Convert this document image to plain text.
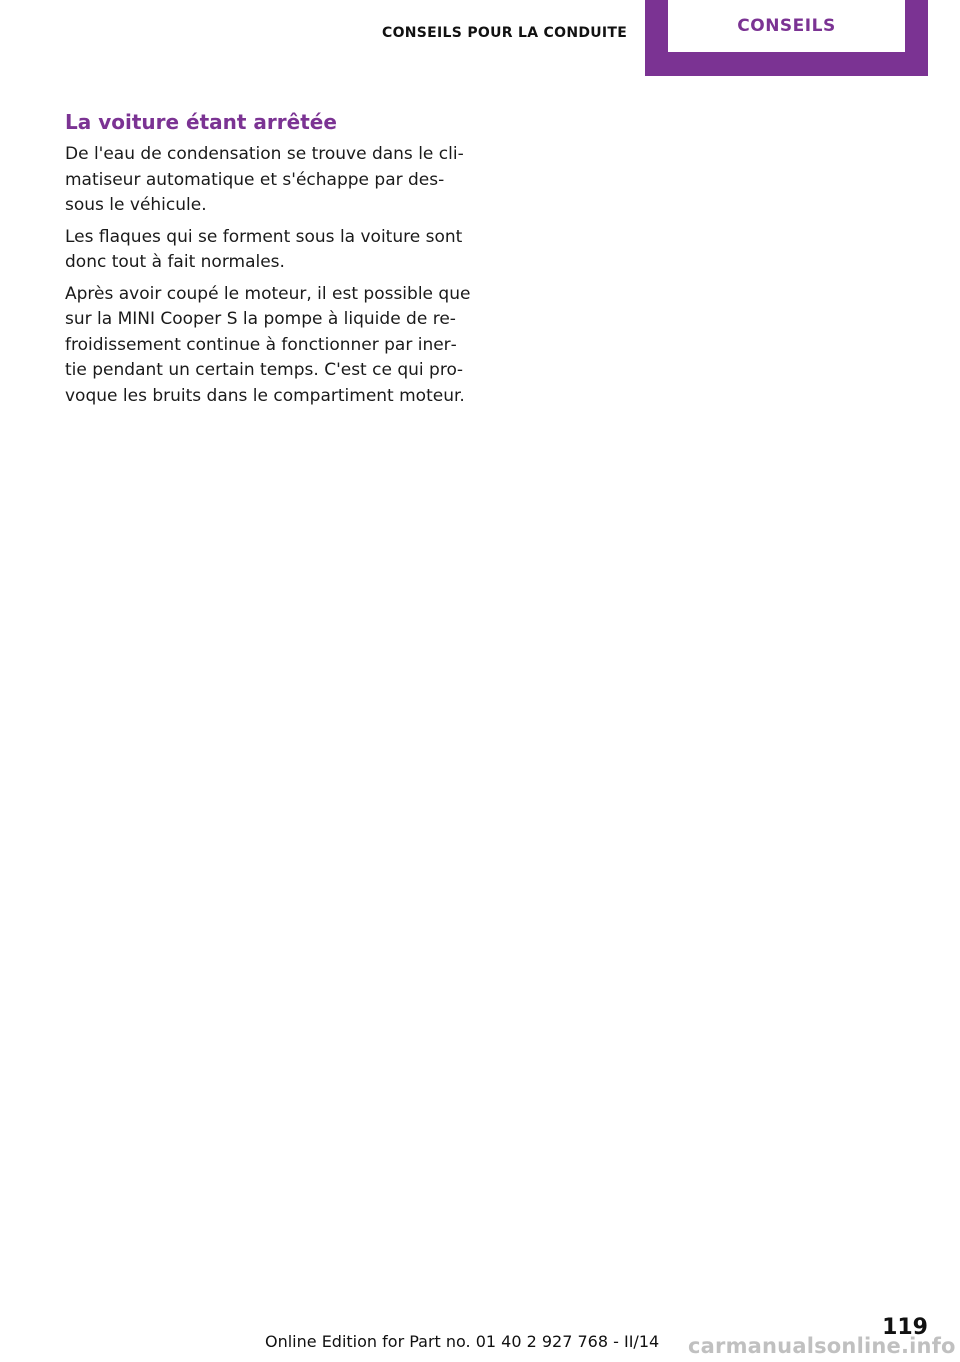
CONSEILS POUR LA CONDUITE	CONSEILS
La voiture étant arrêtée

De l'eau de condensation se trouve dans le cli‐
matiseur automatique et s'échappe par des‐
sous le véhicule.

Les flaques qui se forment sous la voiture sont
donc tout à fait normales.

Après avoir coupé le moteur, il est possible que
sur la MINI Cooper S la pompe à liquide de re‐
froidissement continue à fonctionner par iner‐
tie pendant un certain temps. C'est ce qui pro‐
voque les bruits dans le compartiment moteur.

119
Online Edition for Part no. 01 40 2 927 768 - II/14 carmanualsonline.info
